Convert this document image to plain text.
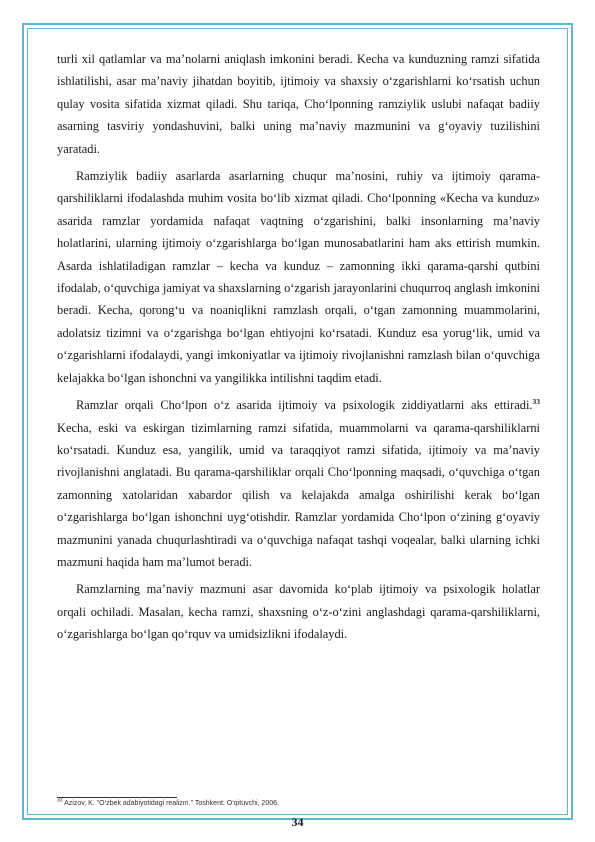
turli xil qatlamlar va ma’nolarni aniqlash imkonini beradi. Kecha va kunduzning ramzi sifatida ishlatilishi, asar ma’naviy jihatdan boyitib, ijtimoiy va shaxsiy o‘zgarishlarni ko‘rsatish uchun qulay vosita sifatida xizmat qiladi. Shu tariqa, Cho‘lponning ramziylik uslubi nafaqat badiiy asarning tasviriy yondashuvini, balki uning ma’naviy mazmunini va g‘oyaviy tuzilishini yaratadi.

Ramziylik badiiy asarlarda asarlarning chuqur ma’nosini, ruhiy va ijtimoiy qarama-qarshiliklarni ifodalashda muhim vosita bo‘lib xizmat qiladi. Cho‘lponning «Kecha va kunduz» asarida ramzlar yordamida nafaqat vaqtning o‘zgarishini, balki insonlarning ma’naviy holatlarini, ularning ijtimoiy o‘zgarishlarga bo‘lgan munosabatlarini ham aks ettirish mumkin. Asarda ishlatiladigan ramzlar – kecha va kunduz – zamonning ikki qarama-qarshi qutbini ifodalab, o‘quvchiga jamiyat va shaxslarning o‘zgarish jarayonlarini chuqurroq anglash imkonini beradi. Kecha, qorong‘u va noaniqlikni ramzlash orqali, o‘tgan zamonning muammolarini, adolatsiz tizimni va o‘zgarishga bo‘lgan ehtiyojni ko‘rsatadi. Kunduz esa yorug‘lik, umid va o‘zgarishlarni ifodalaydi, yangi imkoniyatlar va ijtimoiy rivojlanishni ramzlash bilan o‘quvchiga kelajakka bo‘lgan ishonchni va yangilikka intilishni taqdim etadi.

Ramzlar orqali Cho‘lpon o‘z asarida ijtimoiy va psixologik ziddiyatlarni aks ettiradi.$^{33}$ Kecha, eski va eskirgan tizimlarning ramzi sifatida, muammolarni va qarama-qarshiliklarni ko‘rsatadi. Kunduz esa, yangilik, umid va taraqqiyot ramzi sifatida, ijtimoiy va ma’naviy rivojlanishni anglatadi. Bu qarama-qarshiliklar orqali Cho‘lponning maqsadi, o‘quvchiga o‘tgan zamonning xatolaridan xabardor qilish va kelajakda amalga oshirilishi kerak bo‘lgan o‘zgarishlarga bo‘lgan ishonchni uyg‘otishdir. Ramzlar yordamida Cho‘lpon o‘zining g‘oyaviy mazmunini yanada chuqurlashtiradi va o‘quvchiga nafaqat tashqi voqealar, balki ularning ichki mazmuni haqida ham ma’lumot beradi.

Ramzlarning ma’naviy mazmuni asar davomida ko‘plab ijtimoiy va psixologik holatlar orqali ochiladi. Masalan, kecha ramzi, shaxsning o‘z-o‘zini anglashdagi qarama-qarshiliklarni, o‘zgarishlarga bo‘lgan qo‘rquv va umidsizlikni ifodalaydi.

$^{33}$ Azizov, K. "O‘zbek adabiyotidagi realizm." Toshkent: O‘qituvchi, 2006.
34
